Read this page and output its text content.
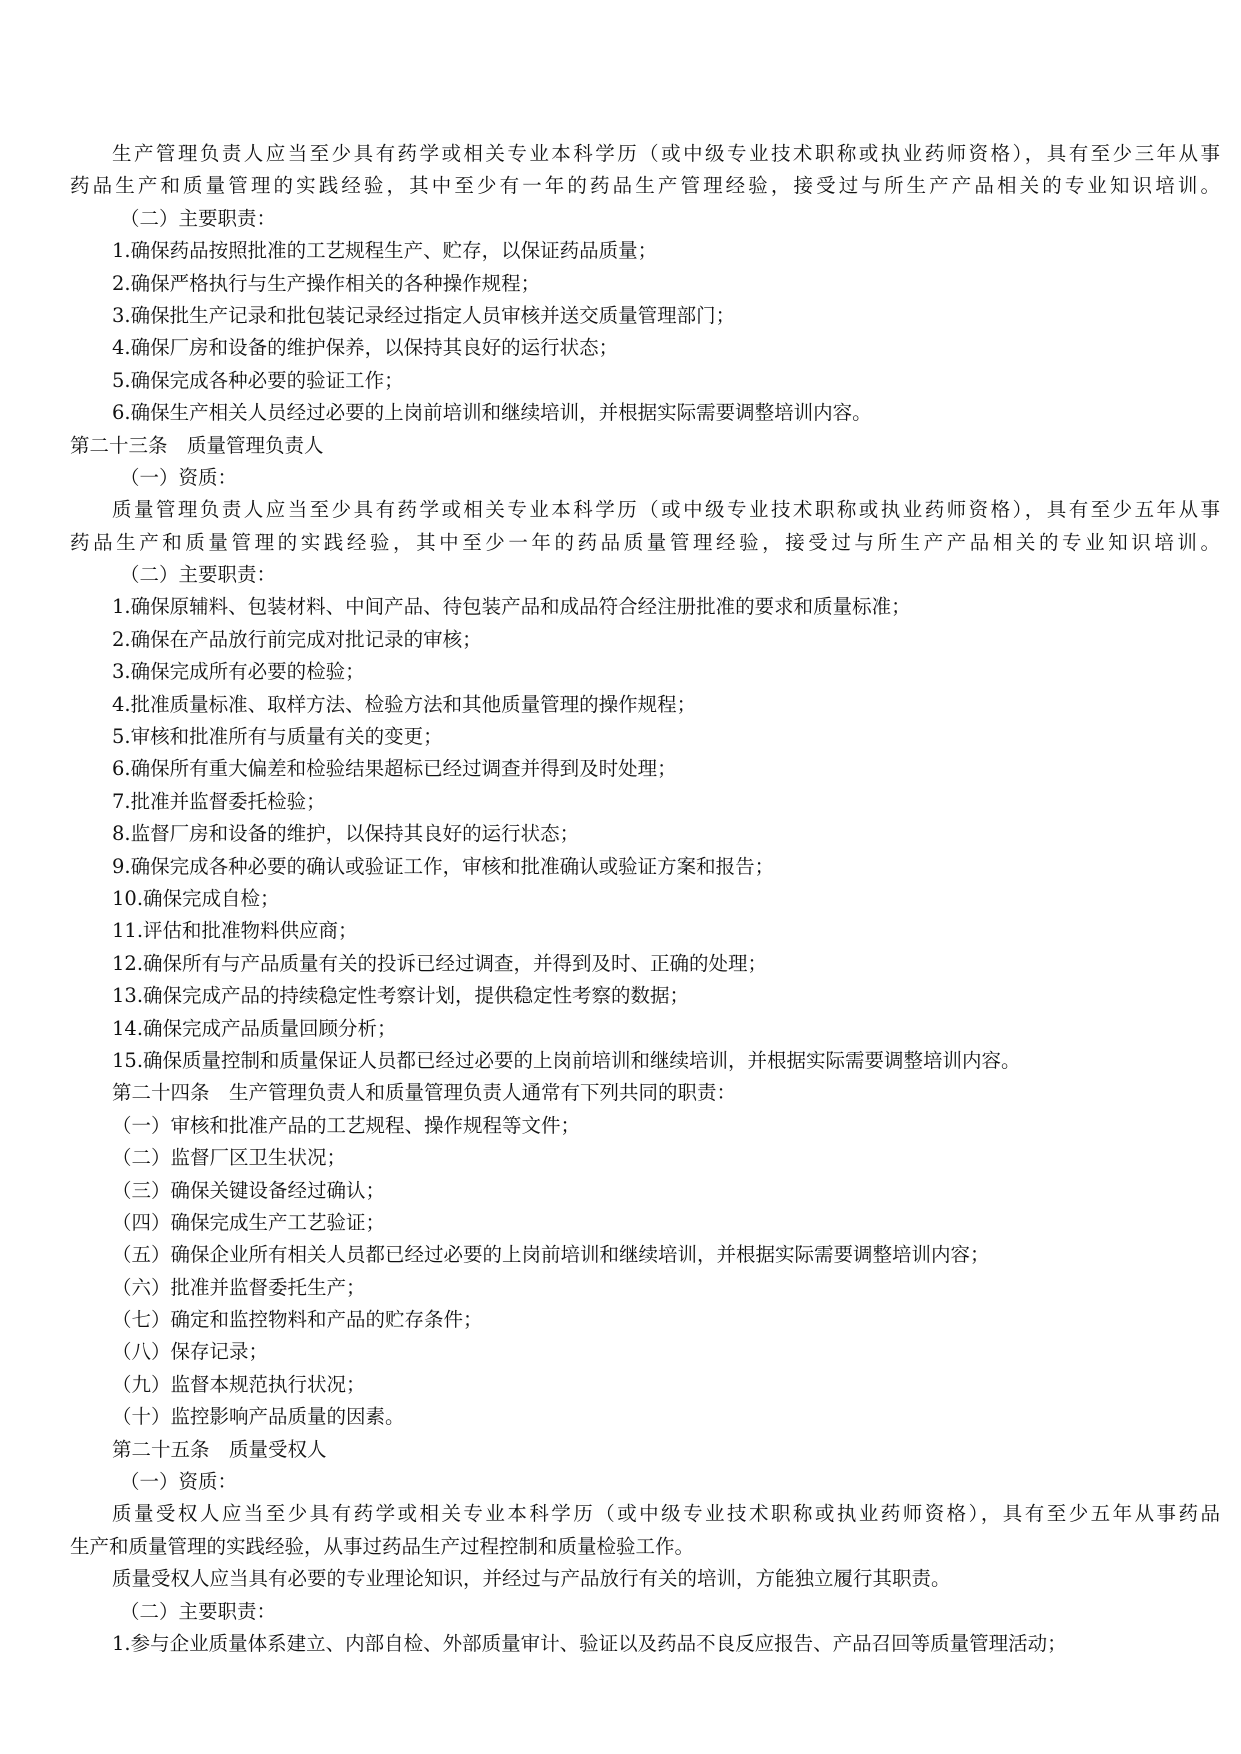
生产管理负责人应当至少具有药学或相关专业本科学历（或中级专业技术职称或执业药师资格），具有至少三年从事
药品生产和质量管理的实践经验，其中至少有一年的药品生产管理经验，接受过与所生产产品相关的专业知识培训。
（二）主要职责：
1.确保药品按照批准的工艺规程生产、贮存，以保证药品质量；
2.确保严格执行与生产操作相关的各种操作规程；
3.确保批生产记录和批包装记录经过指定人员审核并送交质量管理部门；
4.确保厂房和设备的维护保养，以保持其良好的运行状态；
5.确保完成各种必要的验证工作；
6.确保生产相关人员经过必要的上岗前培训和继续培训，并根据实际需要调整培训内容。
第二十三条　质量管理负责人
（一）资质：
质量管理负责人应当至少具有药学或相关专业本科学历（或中级专业技术职称或执业药师资格），具有至少五年从事
药品生产和质量管理的实践经验，其中至少一年的药品质量管理经验，接受过与所生产产品相关的专业知识培训。
（二）主要职责：
1.确保原辅料、包装材料、中间产品、待包装产品和成品符合经注册批准的要求和质量标准；
2.确保在产品放行前完成对批记录的审核；
3.确保完成所有必要的检验；
4.批准质量标准、取样方法、检验方法和其他质量管理的操作规程；
5.审核和批准所有与质量有关的变更；
6.确保所有重大偏差和检验结果超标已经过调查并得到及时处理；
7.批准并监督委托检验；
8.监督厂房和设备的维护，以保持其良好的运行状态；
9.确保完成各种必要的确认或验证工作，审核和批准确认或验证方案和报告；
10.确保完成自检；
11.评估和批准物料供应商；
12.确保所有与产品质量有关的投诉已经过调查，并得到及时、正确的处理；
13.确保完成产品的持续稳定性考察计划，提供稳定性考察的数据；
14.确保完成产品质量回顾分析；
15.确保质量控制和质量保证人员都已经过必要的上岗前培训和继续培训，并根据实际需要调整培训内容。
第二十四条　生产管理负责人和质量管理负责人通常有下列共同的职责：
（一）审核和批准产品的工艺规程、操作规程等文件；
（二）监督厂区卫生状况；
（三）确保关键设备经过确认；
（四）确保完成生产工艺验证；
（五）确保企业所有相关人员都已经过必要的上岗前培训和继续培训，并根据实际需要调整培训内容；
（六）批准并监督委托生产；
（七）确定和监控物料和产品的贮存条件；
（八）保存记录；
（九）监督本规范执行状况；
（十）监控影响产品质量的因素。
第二十五条　质量受权人
（一）资质：
质量受权人应当至少具有药学或相关专业本科学历（或中级专业技术职称或执业药师资格），具有至少五年从事药品
生产和质量管理的实践经验，从事过药品生产过程控制和质量检验工作。
质量受权人应当具有必要的专业理论知识，并经过与产品放行有关的培训，方能独立履行其职责。
（二）主要职责：
1.参与企业质量体系建立、内部自检、外部质量审计、验证以及药品不良反应报告、产品召回等质量管理活动；
